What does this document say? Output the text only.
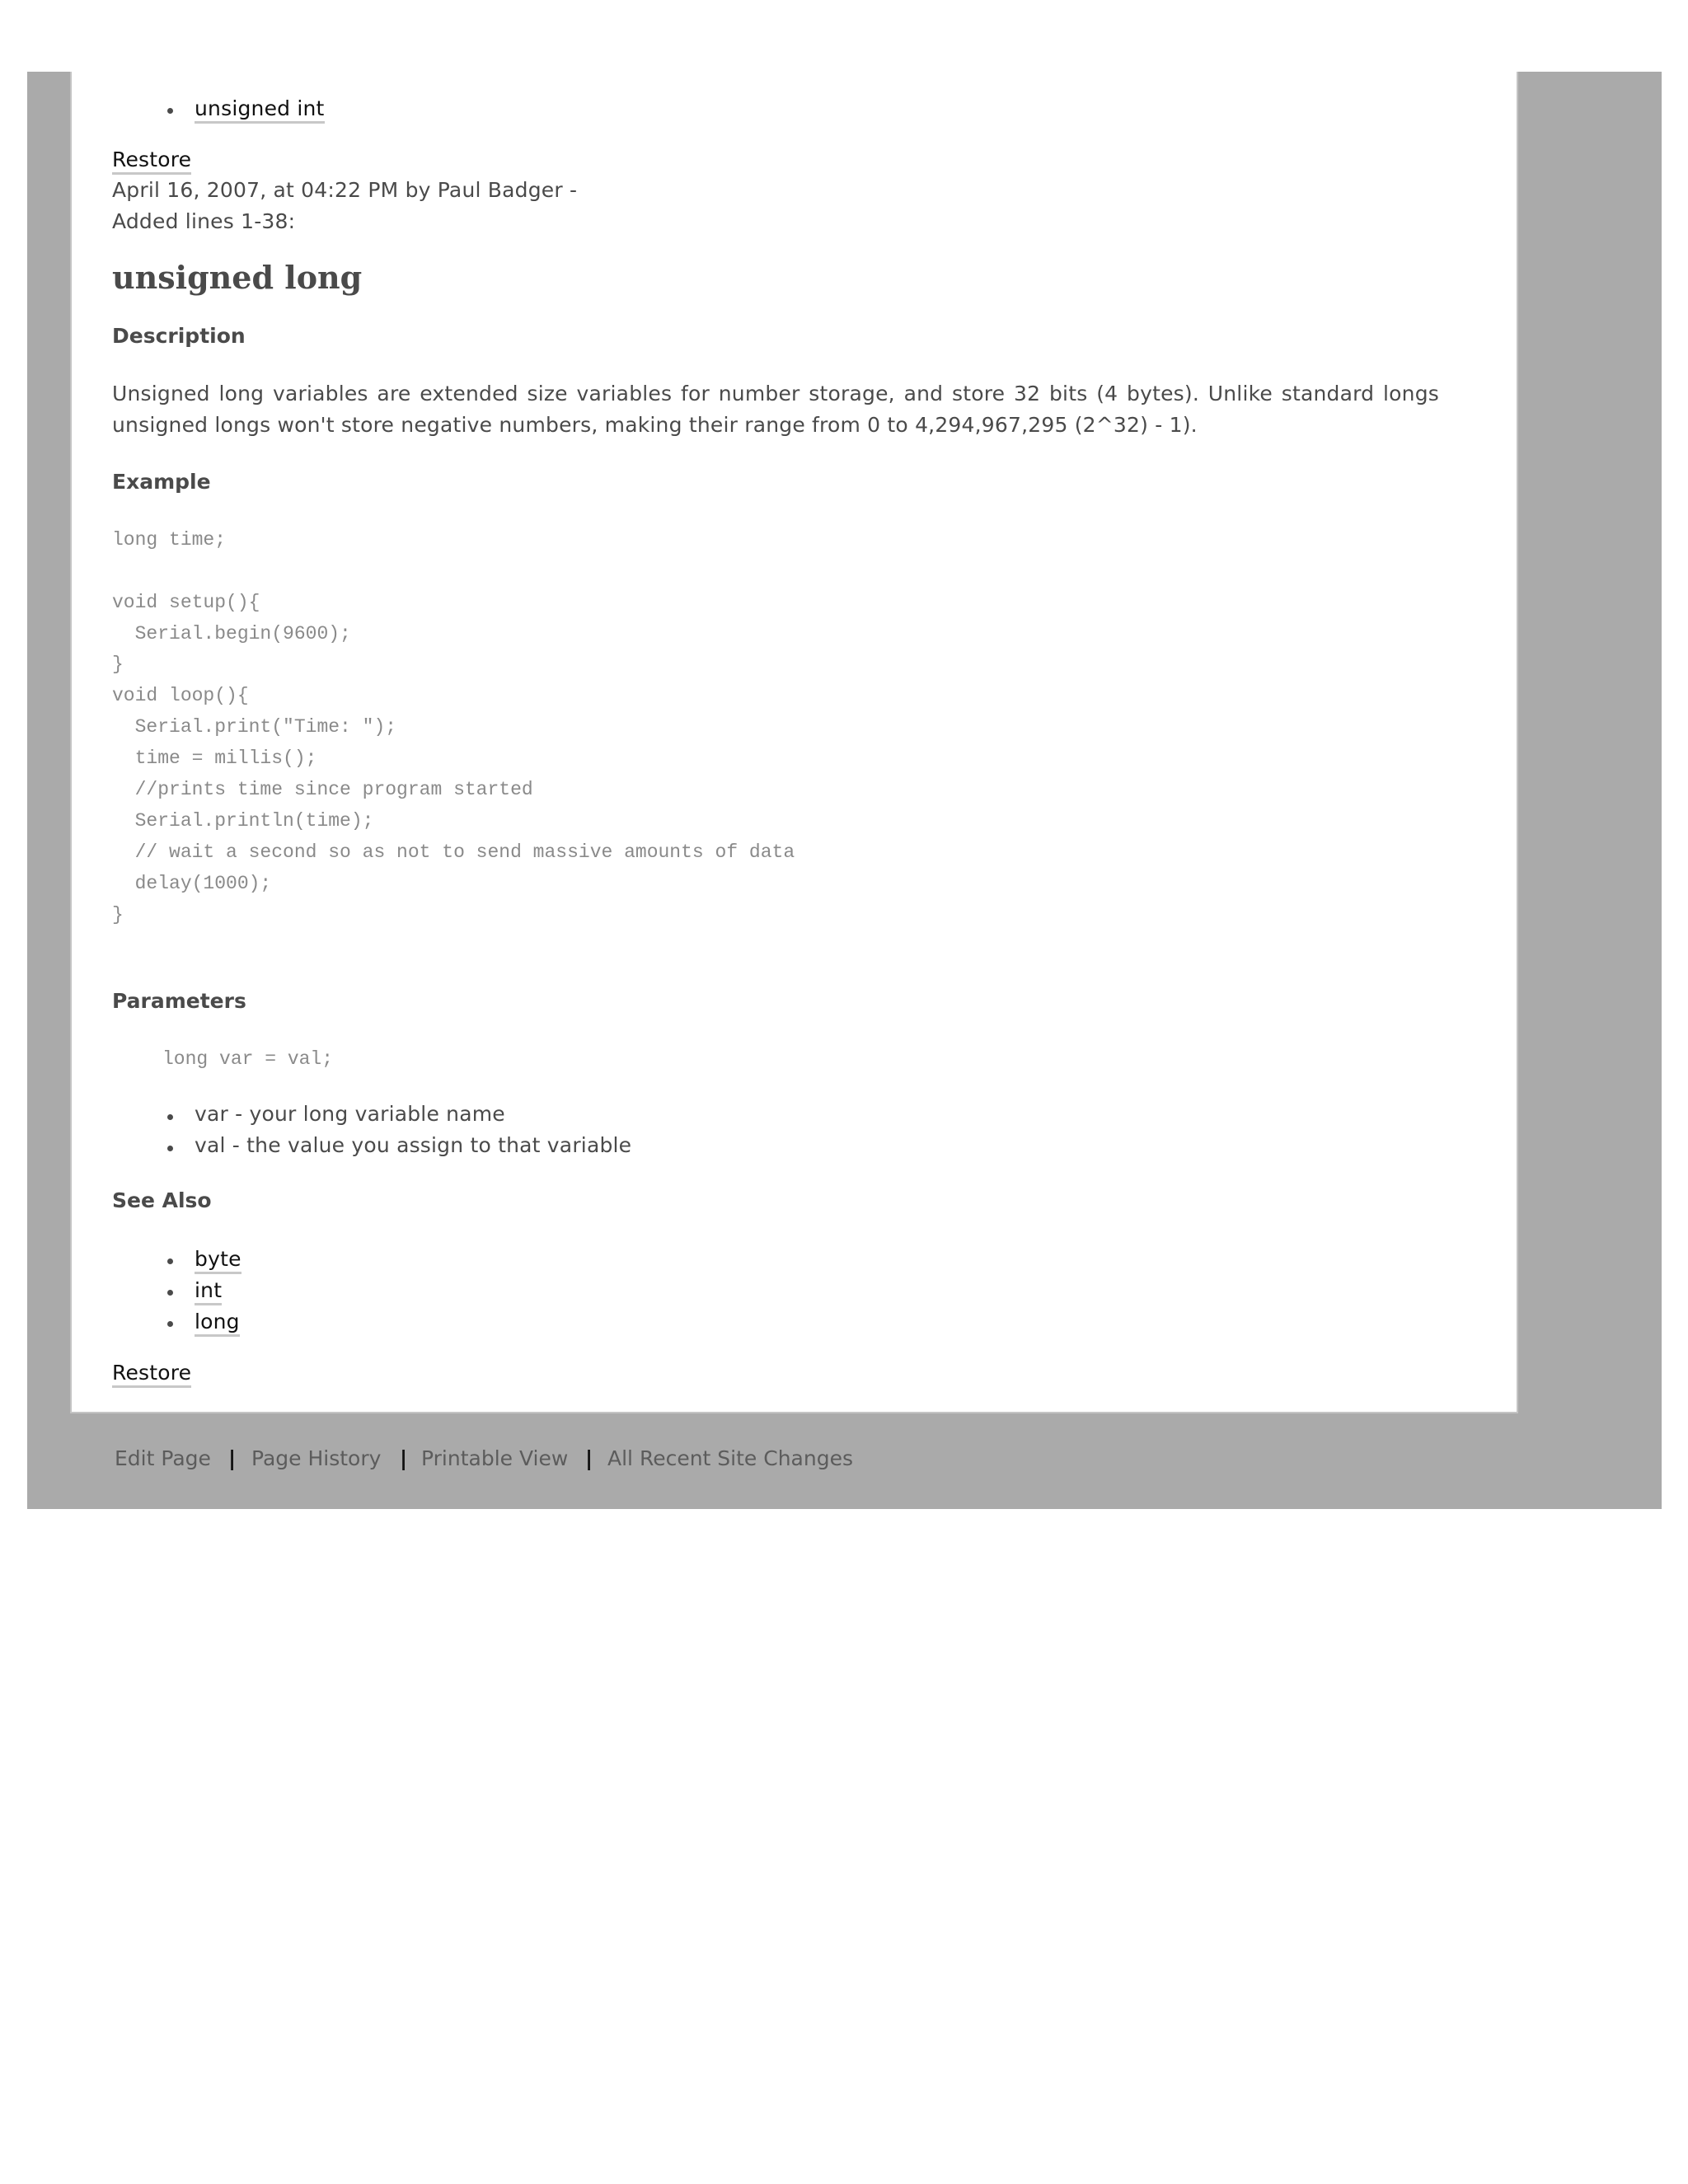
unsigned int
Restore
April 16, 2007, at 04:22 PM by Paul Badger -
Added lines 1-38:
unsigned long
Description
Unsigned long variables are extended size variables for number storage, and store 32 bits (4 bytes). Unlike standard longs
unsigned longs won't store negative numbers, making their range from 0 to 4,294,967,295 (2^32) - 1).
Example
long time;
void setup(){
Serial.begin(9600);
}
void loop(){
Serial.print("Time: ");
time = millis();
//prints time since program started
Serial.println(time);
// wait a second so as not to send massive amounts of data
delay(1000);
}
Parameters
long var = val;
var - your long variable name
val - the value you assign to that variable
See Also
byte
int
long
Restore
Edit Page | Page History | Printable View | All Recent Site Changes
